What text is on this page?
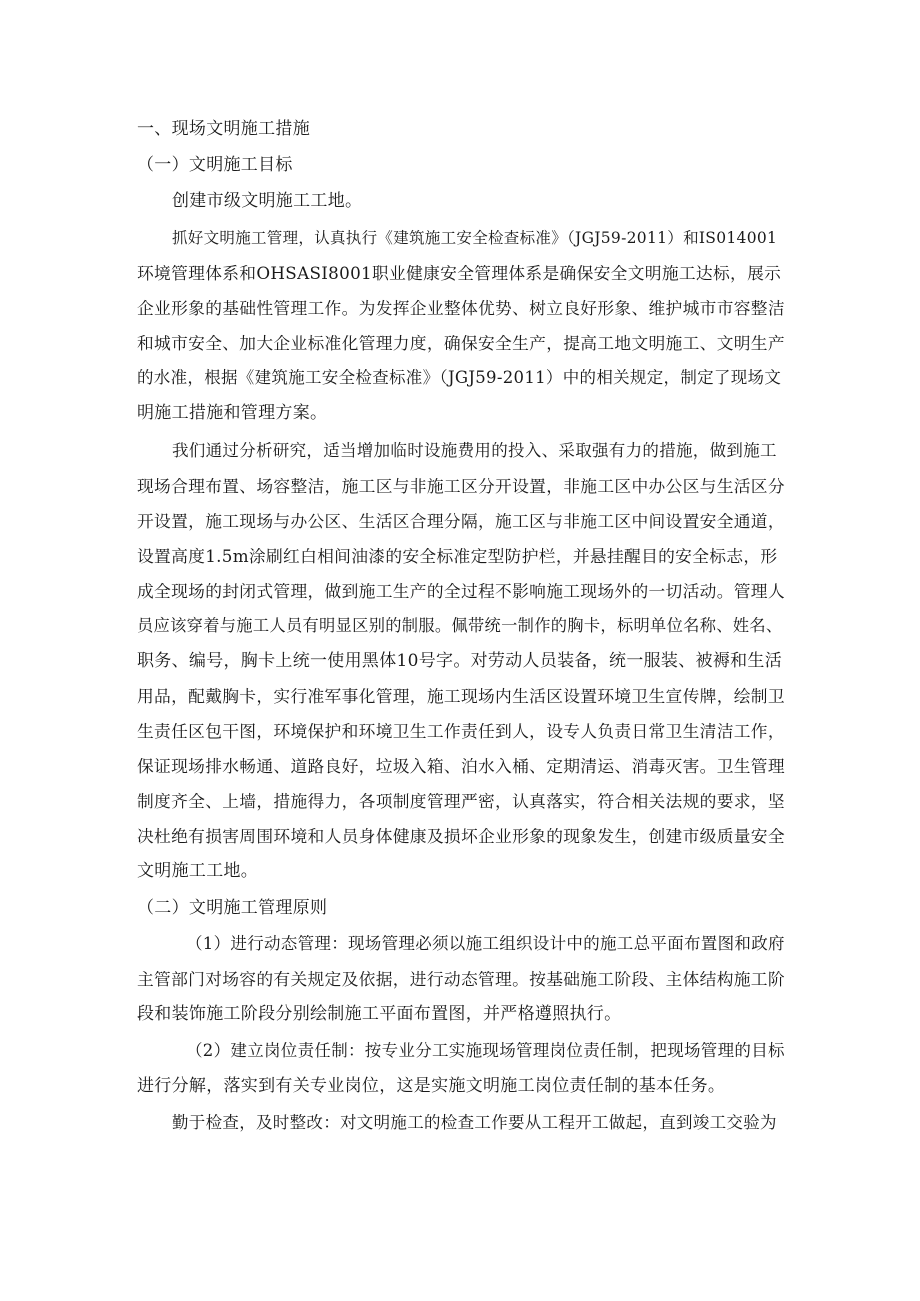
一、现场文明施工措施
（一）文明施工目标
创建市级文明施工工地。
抓好文明施工管理，认真执行《建筑施工安全检查标准》（JGJ59-2011）和IS014001
环境管理体系和OHSASI8001职业健康安全管理体系是确保安全文明施工达标，展示
企业形象的基础性管理工作。为发挥企业整体优势、树立良好形象、维护城市市容整洁
和城市安全、加大企业标准化管理力度，确保安全生产，提高工地文明施工、文明生产
的水准，根据《建筑施工安全检查标准》（JGJ59-2011）中的相关规定，制定了现场文
明施工措施和管理方案。
我们通过分析研究，适当增加临时设施费用的投入、采取强有力的措施，做到施工
现场合理布置、场容整洁，施工区与非施工区分开设置，非施工区中办公区与生活区分
开设置，施工现场与办公区、生活区合理分隔，施工区与非施工区中间设置安全通道，
设置高度1.5m涂刷红白相间油漆的安全标准定型防护栏，并悬挂醒目的安全标志，形
成全现场的封闭式管理，做到施工生产的全过程不影响施工现场外的一切活动。管理人
员应该穿着与施工人员有明显区别的制服。佩带统一制作的胸卡，标明单位名称、姓名、
职务、编号，胸卡上统一使用黑体10号字。对劳动人员装备，统一服装、被褥和生活
用品，配戴胸卡，实行准军事化管理，施工现场内生活区设置环境卫生宣传牌，绘制卫
生责任区包干图，环境保护和环境卫生工作责任到人，设专人负责日常卫生清洁工作，
保证现场排水畅通、道路良好，垃圾入箱、泊水入桶、定期清运、消毒灭害。卫生管理
制度齐全、上墙，措施得力，各项制度管理严密，认真落实，符合相关法规的要求，坚
决杜绝有损害周围环境和人员身体健康及损坏企业形象的现象发生，创建市级质量安全
文明施工工地。
（二）文明施工管理原则
（1）进行动态管理：现场管理必须以施工组织设计中的施工总平面布置图和政府
主管部门对场容的有关规定及依据，进行动态管理。按基础施工阶段、主体结构施工阶
段和装饰施工阶段分别绘制施工平面布置图，并严格遵照执行。
（2）建立岗位责任制：按专业分工实施现场管理岗位责任制，把现场管理的目标
进行分解，落实到有关专业岗位，这是实施文明施工岗位责任制的基本任务。
勤于检查，及时整改：对文明施工的检查工作要从工程开工做起，直到竣工交验为
